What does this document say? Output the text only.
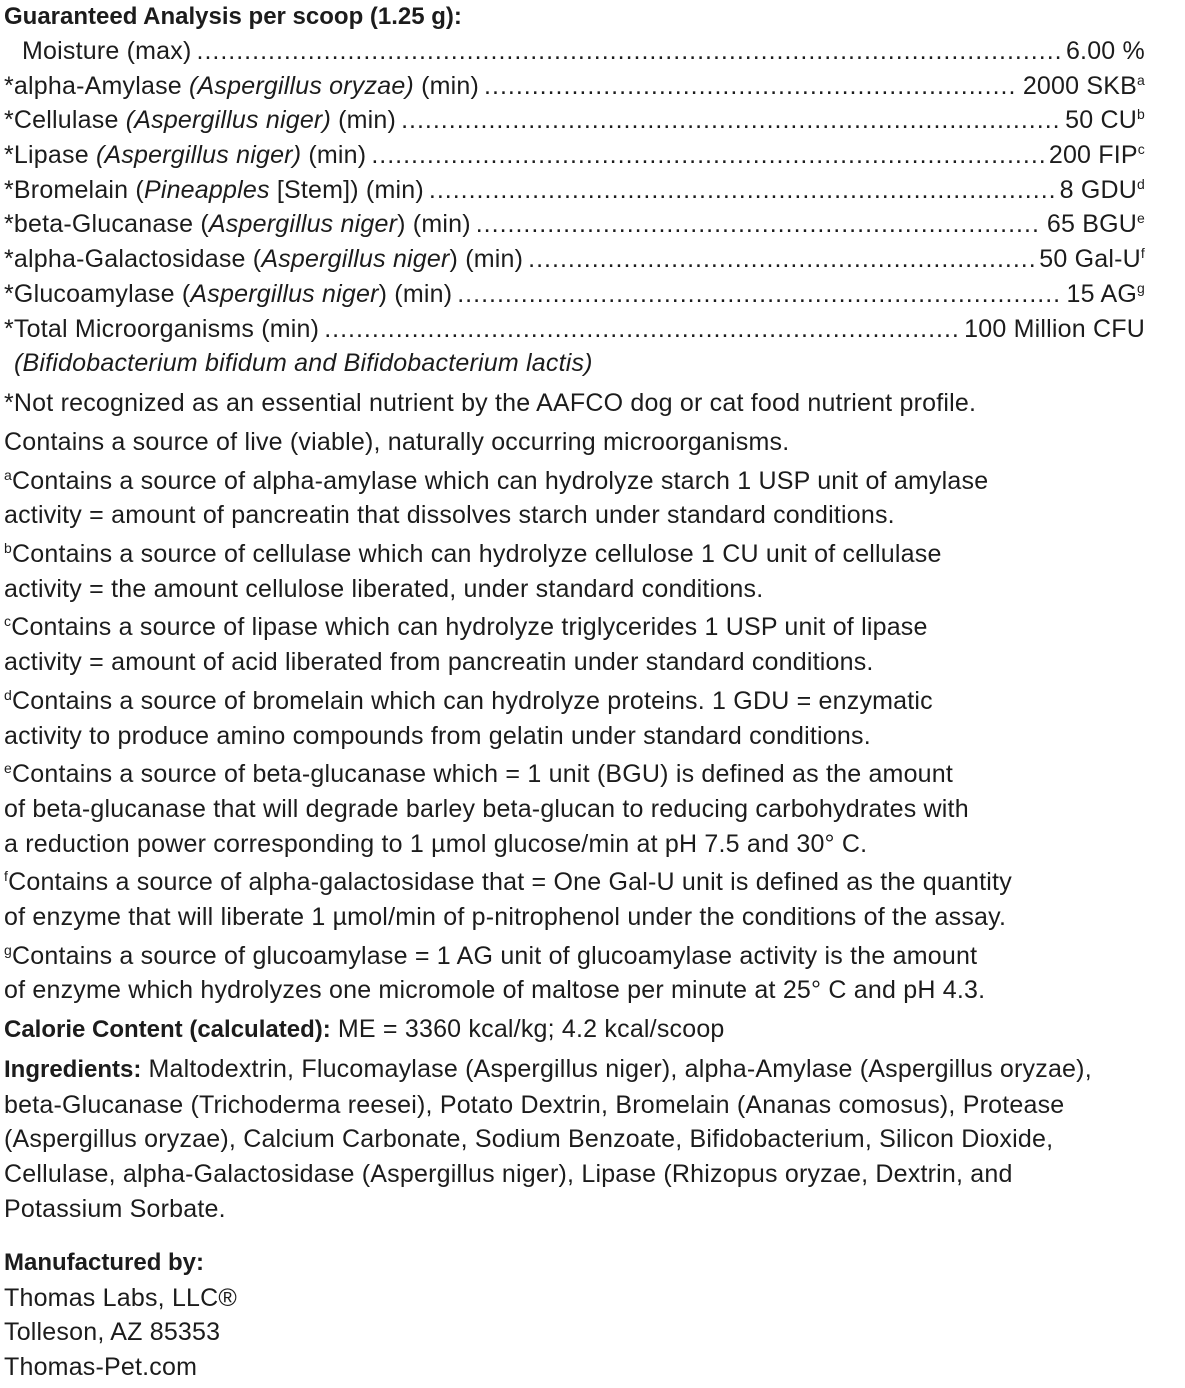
Guaranteed Analysis per scoop (1.25 g):
Moisture (max) .....	6.00 %
*alpha-Amylase (Aspergillus oryzae) (min) .....	2000 SKB$^a$
*Cellulase (Aspergillus niger) (min) .....	50 $CU^b$
*Lipase (Aspergillus niger) (min) .....	200 FIP$^c$
*Bromelain (Pineapples [Stem]) (min) .....	8 GDU$^d$
*beta-Glucanase (Aspergillus niger) (min) .....	65 BGU$^e$
*alpha-Galactosidase (Aspergillus niger) (min) .....	50 Gal-$U^f$
*Glucoamylase (Aspergillus niger) (min) .....	15 $AG^g$
*Total Microorganisms (min) .....	100 Million CFU
(Bifidobacterium bifidum and Bifidobacterium lactis)
*Not recognized as an essential nutrient by the AAFCO dog or cat food nutrient profile.
Contains a source of live (viable), naturally occurring microorganisms.
$^a$Contains a source of alpha-amylase which can hydrolyze starch 1 USP unit of amylase
activity = amount of pancreatin that dissolves starch under standard conditions.
$^b$Contains a source of cellulase which can hydrolyze cellulose 1 CU unit of cellulase
activity = the amount cellulose liberated, under standard conditions.
$^c$Contains a source of lipase which can hydrolyze triglycerides 1 USP unit of lipase
activity = amount of acid liberated from pancreatin under standard conditions.
$^d$Contains a source of bromelain which can hydrolyze proteins. 1 GDU = enzymatic
activity to produce amino compounds from gelatin under standard conditions.
$^e$Contains a source of beta-glucanase which = 1 unit (BGU) is defined as the amount
of beta-glucanase that will degrade barley beta-glucan to reducing carbohydrates with
a reduction power corresponding to 1 µmol glucose/min at pH 7.5 and 30° C.
$^f$Contains a source of alpha-galactosidase that = One Gal-U unit is defined as the quantity
of enzyme that will liberate 1 µmol/min of p-nitrophenol under the conditions of the assay.
$^g$Contains a source of glucoamylase = 1 AG unit of glucoamylase activity is the amount
of enzyme which hydrolyzes one micromole of maltose per minute at 25° C and pH 4.3.
Calorie Content (calculated): ME = 3360 kcal/kg; 4.2 kcal/scoop
Ingredients: Maltodextrin, Flucomaylase (Aspergillus niger), alpha-Amylase (Aspergillus oryzae),
beta-Glucanase (Trichoderma reesei), Potato Dextrin, Bromelain (Ananas comosus), Protease
(Aspergillus oryzae), Calcium Carbonate, Sodium Benzoate, Bifidobacterium, Silicon Dioxide,
Cellulase, alpha-Galactosidase (Aspergillus niger), Lipase (Rhizopus oryzae, Dextrin, and
Potassium Sorbate.
Manufactured by:
Thomas Labs, LLC®
Tolleson, AZ 85353
Thomas-Pet.com
